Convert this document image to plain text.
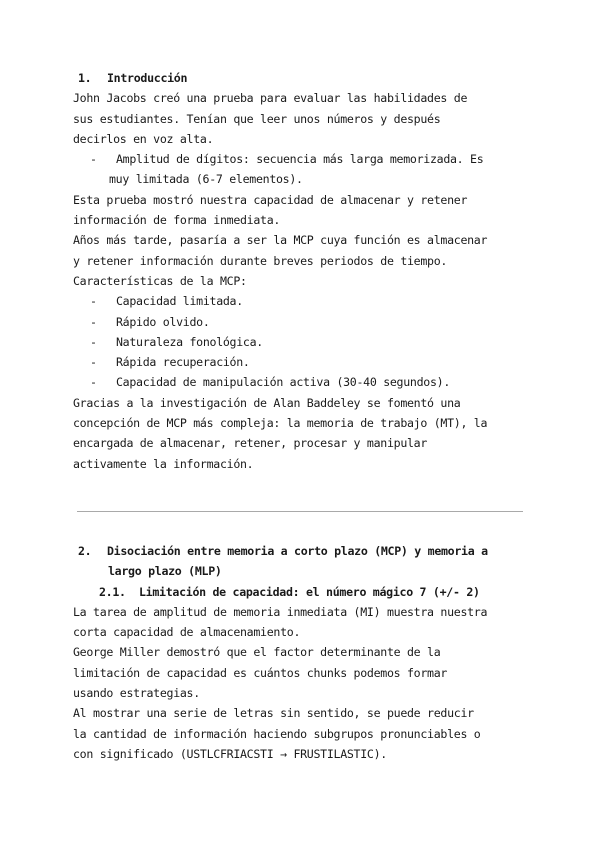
1. Introducción
John Jacobs creó una prueba para evaluar las habilidades de
sus estudiantes. Tenían que leer unos números y después
decirlos en voz alta.
- Amplitud de dígitos: secuencia más larga memorizada. Es
muy limitada (6-7 elementos).
Esta prueba mostró nuestra capacidad de almacenar y retener
información de forma inmediata.
Años más tarde, pasaría a ser la MCP cuya función es almacenar
y retener información durante breves periodos de tiempo.
Características de la MCP:
- Capacidad limitada.
- Rápido olvido.
- Naturaleza fonológica.
- Rápida recuperación.
- Capacidad de manipulación activa (30-40 segundos).
Gracias a la investigación de Alan Baddeley se fomentó una
concepción de MCP más compleja: la memoria de trabajo (MT), la
encargada de almacenar, retener, procesar y manipular
activamente la información.
2. Disociación entre memoria a corto plazo (MCP) y memoria a
largo plazo (MLP)
2.1. Limitación de capacidad: el número mágico 7 (+/- 2)
La tarea de amplitud de memoria inmediata (MI) muestra nuestra
corta capacidad de almacenamiento.
George Miller demostró que el factor determinante de la
limitación de capacidad es cuántos chunks podemos formar
usando estrategias.
Al mostrar una serie de letras sin sentido, se puede reducir
la cantidad de información haciendo subgrupos pronunciables o
con significado (USTLCFRIACSTI → FRUSTILASTIC).
